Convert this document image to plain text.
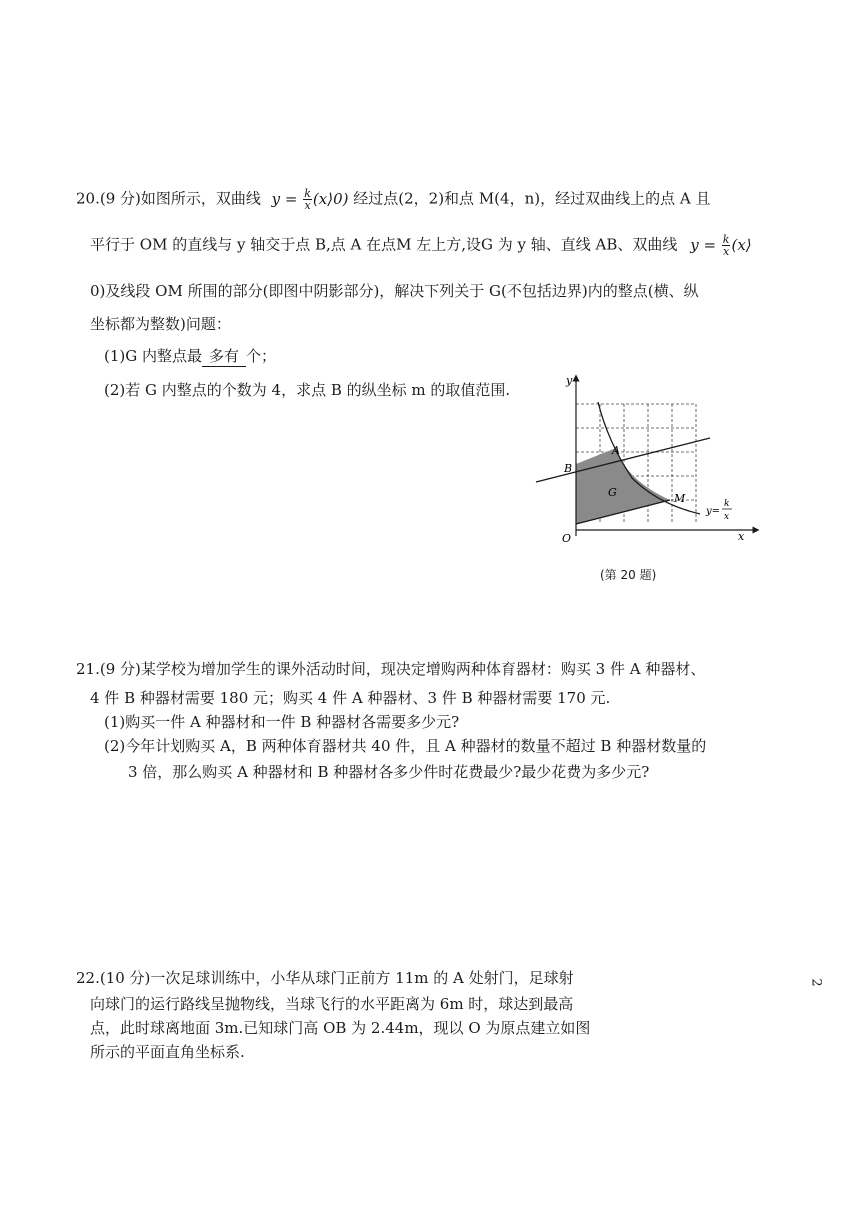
20.(9 分)如图所示，双曲线 $y = \frac{k}{x}$ (x⟩0) 经过点(2，2)和点 M(4，n)，经过双曲线上的点 A 且
平行于 OM 的直线与 y 轴交于点 B,点 A 在点M 左上方,设G 为 y 轴、直线 AB、双曲线 $y = \frac{k}{x}$ (x⟩
0)及线段 OM 所围的部分(即图中阴影部分)，解决下列关于 G(不包括边界)内的整点(横、纵
坐标都为整数)问题：
(1)G 内整点最 多有 个；
(2)若 G 内整点的个数为 4，求点 B 的纵坐标 m 的取值范围.
y
x
O
A
B
G	M
y=
k
x
(第 20 题)
21.(9 分)某学校为增加学生的课外活动时间，现决定增购两种体育器材：购买 3 件 A 种器材、
4 件 B 种器材需要 180 元；购买 4 件 A 种器材、3 件 B 种器材需要 170 元.
(1)购买一件 A 种器材和一件 B 种器材各需要多少元?
(2)今年计划购买 A，B 两种体育器材共 40 件，且 A 种器材的数量不超过 B 种器材数量的
3 倍，那么购买 A 种器材和 B 种器材各多少件时花费最少?最少花费为多少元?
22.(10 分)一次足球训练中，小华从球门正前方 11m 的 A 处射门，足球射
向球门的运行路线呈抛物线，当球飞行的水平距离为 6m 时，球达到最高
点，此时球离地面 3m.已知球门高 OB 为 2.44m，现以 O 为原点建立如图
所示的平面直角坐标系.
2
